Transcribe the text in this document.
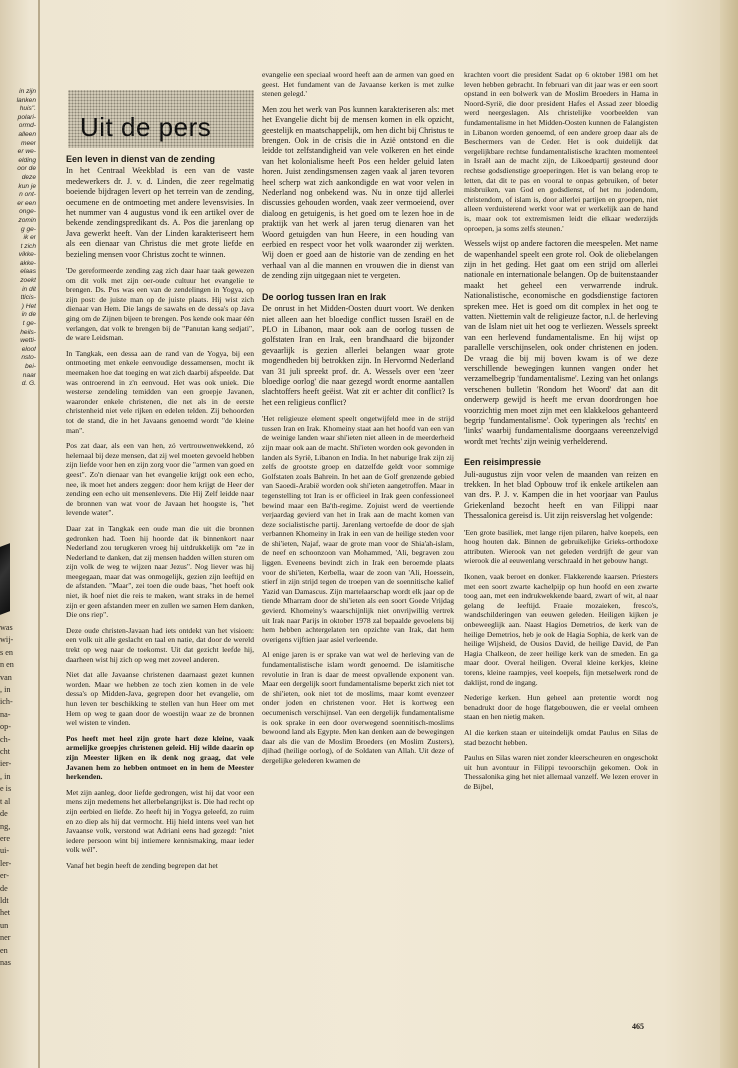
in zijn
lanken
huis".
polari-
ormd-
alleen
meer
er we-
elding
oor de
deze
kun je
n ont-
er een
onge-
zomin
g ge-
ik er
t zich
vikke-
akke-
elaas
zoekt
in dit
tticis-
) Het
in de
t ge-
heils-
wetti-
eloof
nsto-
bei-
naar
d. G.
was
wij-
s en
n en
van
, in
ich-
na-
op-
ch-
cht
ier-
, in
e is
t al
de
ng,
ere
ui-
ler-
er-
de
ldt
het
un
ner
en
nas
Uit de pers
Een leven in dienst van de zending

In het Centraal Weekblad is een van de vaste medewerkers dr. J. v. d. Linden, die zeer regelmatig boeiende bijdragen levert op het terrein van de zending, oecumene en de ontmoeting met andere levensvisies. In het nummer van 4 augustus vond ik een artikel over de bekende zendingspredikant ds. A. Pos die jarenlang op Java gewerkt heeft. Van der Linden karakteriseert hem als een dienaar van Christus die met grote liefde en bezieling mensen voor Christus zocht te winnen.

'De gereformeerde zending zag zich daar haar taak gewezen om dit volk met zijn oer-oude cultuur het evangelie te brengen. Ds. Pos was een van de zendelingen in Yogya, op zijn post: de juiste man op de juiste plaats. Hij wist zich dienaar van Hem. Die langs de sawahs en de dessa's op Java ging om de Zijnen bijeen te brengen. Pos kende ook maar één verlangen, dat volk te brengen bij de "Panutan kang sedjati", de ware Leidsman.

In Tangkak, een dessa aan de rand van de Yogya, bij een ontmoeting met enkele eenvoudige dessamensen, mocht ik meemaken hoe dat toeging en wat zich daarbij afspeelde. Dat was ontroerend in z'n eenvoud. Het was ook uniek. Die westerse zendeling temidden van een groepje Javanen, waaronder enkele christenen, die net als in de eerste christenheid niet vele rijken en edelen telden. Zij behoorden tot de stand, die in het Javaans genoemd wordt "de kleine man".

Pos zat daar, als een van hen, zó vertrouwenwekkend, zó helemaal bij deze mensen, dat zij wel moeten gevoeld hebben zijn liefde voor hen en zijn zorg voor die "armen van goed en geest". Zo'n dienaar van het evangelie krijgt ook een echo, nee, ik moet het anders zeggen: door hem krijgt de Heer der zending een echo uit mensenlevens. Die Hij Zelf leidde naar de bronnen van wat voor de Javaan het hoogste is, "het levende water".

Daar zat in Tangkak een oude man die uit die bronnen gedronken had. Toen hij hoorde dat ik binnenkort naar Nederland zou terugkeren vroeg hij uitdrukkelijk om "ze in Nederland te danken, dat zij mensen hadden willen sturen om zijn volk de weg te wijzen naar Jezus". Nog liever was hij meegegaan, maar dat was onmogelijk, gezien zijn leeftijd en de afstanden. "Maar", zei toen die oude baas, "het hoeft ook niet, ik hoef niet die reis te maken, want straks in de hemel zijn er geen afstanden meer en zullen we samen Hem danken, Die ons riep".

Deze oude christen-Javaan had iets ontdekt van het visioen: een volk uit alle geslacht en taal en natie, dat door de wereld trekt op weg naar de toekomst. Uit dat gezicht leefde hij, daarheen wist hij zich op weg met zoveel anderen.

Niet dat alle Javaanse christenen daarnaast gezet kunnen worden. Maar we hebben ze toch zien komen in de vele dessa's op Midden-Java, gegrepen door het evangelie, om hun leven ter beschikking te stellen van hun Heer om met Hem op weg te gaan door de woestijn waar ze de bronnen wel wisten te vinden.

Pos heeft met heel zijn grote hart deze kleine, vaak armelijke groepjes christenen geleid. Hij wilde daarin op zijn Meester lijken en ik denk nog graag, dat vele Javanen hem zo hebben ontmoet en in hem de Meester herkenden.

Met zijn aanleg, door liefde gedrongen, wist hij dat voor een mens zijn medemens het allerbelangrijkst is. Die had recht op zijn eerbied en liefde. Zo heeft hij in Yogya geleefd, zo ruim en zo diep als hij dat vermocht. Hij hield intens veel van het Javaanse volk, verstond wat Adriani eens had gezegd: "niet iedere persoon wint bij intiemere kennismaking, maar ieder volk wél".

Vanaf het begin heeft de zending begrepen dat het

evangelie een speciaal woord heeft aan de armen van goed en geest. Het fundament van de Javaanse kerken is met zulke stenen gelegd.'

Men zou het werk van Pos kunnen karakteriseren als: met het Evangelie dicht bij de mensen komen in elk opzicht, geestelijk en maatschappelijk, om hen dicht bij Christus te brengen. Ook in de crisis die in Azië ontstond en die leidde tot zelfstandigheid van vele volkeren en het einde van het kolonialisme heeft Pos een helder geluid laten horen. Juist zendingsmensen zagen vaak al jaren tevoren heel scherp wat zich aankondigde en wat voor velen in Nederland nog onbekend was. Nu in onze tijd allerlei discussies gehouden worden, vaak zeer vermoeiend, over dialoog en getuigenis, is het goed om te lezen hoe in de praktijk van het werk al jaren terug dienaren van het Woord getuigden van hun Heere, in een houding van eerbied en respect voor het volk waaronder zij werkten. Wij doen er goed aan de historie van de zending en het verhaal van al die mannen en vrouwen die in dienst van de zending zijn uitgegaan niet te vergeten.

De oorlog tussen Iran en Irak

De onrust in het Midden-Oosten duurt voort. We denken niet alleen aan het bloedige conflict tussen Israël en de PLO in Libanon, maar ook aan de oorlog tussen de golfstaten Iran en Irak, een brandhaard die bijzonder gevaarlijk is gezien allerlei belangen waar grote mogendheden bij betrokken zijn. In Hervormd Nederland van 31 juli spreekt prof. dr. A. Wessels over een 'zeer bloedige oorlog' die naar gezegd wordt enorme aantallen slachtoffers heeft geëist. Wat zit er achter dit conflict? Is het een religieus conflict?

'Het religieuze element speelt ongetwijfeld mee in de strijd tussen Iran en Irak. Khomeiny staat aan het hoofd van een van de weinige landen waar shi'ieten niet alleen in de meerderheid zijn maar ook aan de macht. Shi'ieten worden ook gevonden in landen als Syrië, Libanon en India. In het naburige Irak zijn zij zelfs de grootste groep en datzelfde geldt voor sommige Golfstaten zoals Bahrein. In het aan de Golf grenzende gebied van Saoedi-Arabië worden ook shi'ieten aangetroffen. Maar in tegenstelling tot Iran is er officieel in Irak geen confessioneel bewind maar een Ba'th-regime. Zojuist werd de veertiende verjaardag gevierd van het in Irak aan de macht komen van deze socialistische partij. Jarenlang vertoefde de door de sjah verbannen Khomeiny in Irak in een van de heilige steden voor de shi'ieten, Najaf, waar de grote man voor de Shia'ah-islam, de neef en schoonzoon van Mohammed, 'Ali, begraven zou liggen. Eveneens bevindt zich in Irak een beroemde plaats voor de shi'ieten, Kerbella, waar de zoon van 'Ali, Hoessein, stierf in zijn strijd tegen de troepen van de soennitische kalief Yazid van Damascus. Zijn martelaarschap wordt elk jaar op de tiende Mharram door de shi'ieten als een soort Goede Vrijdag gevierd. Khomeiny's waarschijnlijk niet onvrijwillig vertrek uit Irak naar Parijs in oktober 1978 zal bepaalde gevoelens bij hem hebben achtergelaten ten opzichte van Irak, dat hem overigens vijftien jaar asiel verleende.

Al enige jaren is er sprake van wat wel de herleving van de fundamentalistische islam wordt genoemd. De islamitische revolutie in Iran is daar de meest opvallende exponent van. Maar een dergelijk soort fundamentalisme beperkt zich niet tot de shi'ieten, ook niet tot de moslims, maar komt evenzeer onder joden en christenen voor. Het is kortweg een oecumenisch verschijnsel. Van een dergelijk fundamentalisme is ook sprake in een door overwegend soennitisch-moslims bewoond land als Egypte. Men kan denken aan de bewegingen daar als die van de Moslim Broeders (en Moslim Zusters), djihad (heilige oorlog), of de Soldaten van Allah. Uit deze of dergelijke gelederen kwamen de

krachten voort die president Sadat op 6 oktober 1981 om het leven hebben gebracht. In februari van dit jaar was er een soort opstand in een bolwerk van de Moslim Broeders in Hama in Noord-Syrië, die door president Hafes el Assad zeer bloedig werd neergeslagen. Als christelijke voorbeelden van fundamentalisme in het Midden-Oosten kunnen de Falangisten in Libanon worden genoemd, of een andere groep daar als de Beschermers van de Ceder. Het is ook duidelijk dat vergelijkbare rechtse fundamentalistische krachten momenteel in Israël aan de macht zijn, de Likoedpartij gesteund door rechtse godsdienstige groeperingen. Het is van belang erop te letten, dat dit te pas en vooral te onpas gebruiken, of beter misbruiken, van God en godsdienst, of het nu jodendom, christendom, of islam is, door allerlei partijen en groepen, niet alleen verduisterend werkt voor wat er werkelijk aan de hand is, maar ook tot extremismen leidt die elkaar wederzijds oproepen, ja soms zelfs steunen.'

Wessels wijst op andere factoren die meespelen. Met name de wapenhandel speelt een grote rol. Ook de oliebelangen zijn in het geding. Het gaat om een strijd om allerlei nationale en internationale belangen. Op de buitenstaander maakt het geheel een verwarrende indruk. Nationalistische, economische en godsdienstige factoren spreken mee. Het is goed om dit complex in het oog te vatten. Niettemin valt de religieuze factor, n.l. de herleving van de Islam niet uit het oog te verliezen. Wessels spreekt van een herlevend fundamentalisme. En hij wijst op parallelle verschijnselen, ook onder christenen en joden. De vraag die bij mij boven kwam is of we deze verschillende bewegingen kunnen vangen onder het verzamelbegrip 'fundamentalisme'. Lezing van het onlangs verschenen bulletin 'Rondom het Woord' dat aan dit onderwerp gewijd is heeft me ervan doordrongen hoe voorzichtig men moet zijn met een klakkeloos gehanteerd begrip 'fundamentalisme'. Ook typeringen als 'rechts' en 'links' waarbij fundamentalisme doorgaans vereenzelvigd wordt met 'rechts' zijn weinig verhelderend.

Een reisimpressie

Juli-augustus zijn voor velen de maanden van reizen en trekken. In het blad Opbouw trof ik enkele artikelen aan van drs. P. J. v. Kampen die in het voorjaar van Paulus Griekenland bezocht heeft en van Filippi naar Thessalonica gereisd is. Uit zijn reisverslag het volgende:

'Een grote basiliek, met lange rijen pilaren, halve koepels, een hoog houten dak. Binnen de gebruikelijke Grieks-orthodoxe attributen. Wierook van net geleden verdrijft de geur van wierook die al eeuwenlang verschraald in het gebouw hangt.

Ikonen, vaak beroet en donker. Flakkerende kaarsen. Priesters met een soort zwarte kachelpijp op hun hoofd en een zwarte toog aan, met een indrukwekkende baard, zwart of wit, al naar gelang de leeftijd. Fraaie mozaieken, fresco's, wandschilderingen van eeuwen geleden. Heiligen kijken je onbeweeglijk aan. Naast Hagios Demetrios, de kerk van de heilige Demetrios, heb je ook de Hagia Sophia, de kerk van de heilige Wijsheid, de Ousios David, de heilige David, de Pan Hagia Chalkeon, de zeer heilige kerk van de smeden. En ga maar door. Overal heiligen. Overal kleine kerkjes, kleine torens, kleine raampjes, veel koepels, fijn metselwerk rond de daklijst, rond de ingang.

Nederige kerken. Hun geheel aan pretentie wordt nog benadrukt door de hoge flatgebouwen, die er veelal omheen staan en hen nietig maken.

Al die kerken staan er uiteindelijk omdat Paulus en Silas de stad bezocht hebben.

Paulus en Silas waren niet zonder kleerscheuren en ongeschokt uit hun avontuur in Filippi tevoorschijn gekomen. Ook in Thessalonika ging het niet allemaal vanzelf. We lezen erover in de Bijbel,

465
